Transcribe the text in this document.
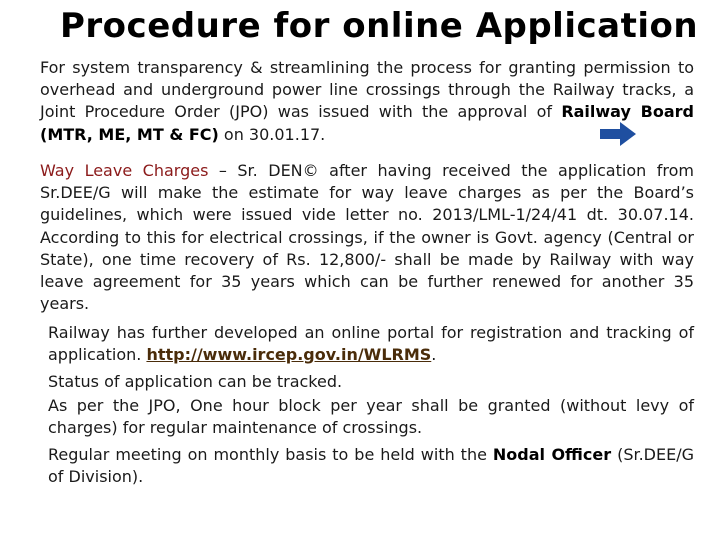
Procedure for online Application
For system transparency & streamlining the process for granting permission to overhead and underground power line crossings through the Railway tracks, a Joint Procedure Order (JPO) was issued with the approval of Railway Board (MTR, ME, MT & FC) on 30.01.17.
Way Leave Charges – Sr. DEN© after having received the application from Sr.DEE/G will make the estimate for way leave charges as per the Board’s guidelines, which were issued vide letter no. 2013/LML-1/24/41 dt. 30.07.14. According to this for electrical crossings, if the owner is Govt. agency (Central or State), one time recovery of Rs. 12,800/- shall be made by Railway with way leave agreement for 35 years which can be further renewed for another 35 years.
Railway has further developed an online portal for registration and tracking of application. http://www.ircep.gov.in/WLRMS.
Status of application can be tracked.
As per the JPO, One hour block per year shall be granted (without levy of charges) for regular maintenance of crossings.
Regular meeting on monthly basis to be held with the Nodal Officer (Sr.DEE/G of Division).
